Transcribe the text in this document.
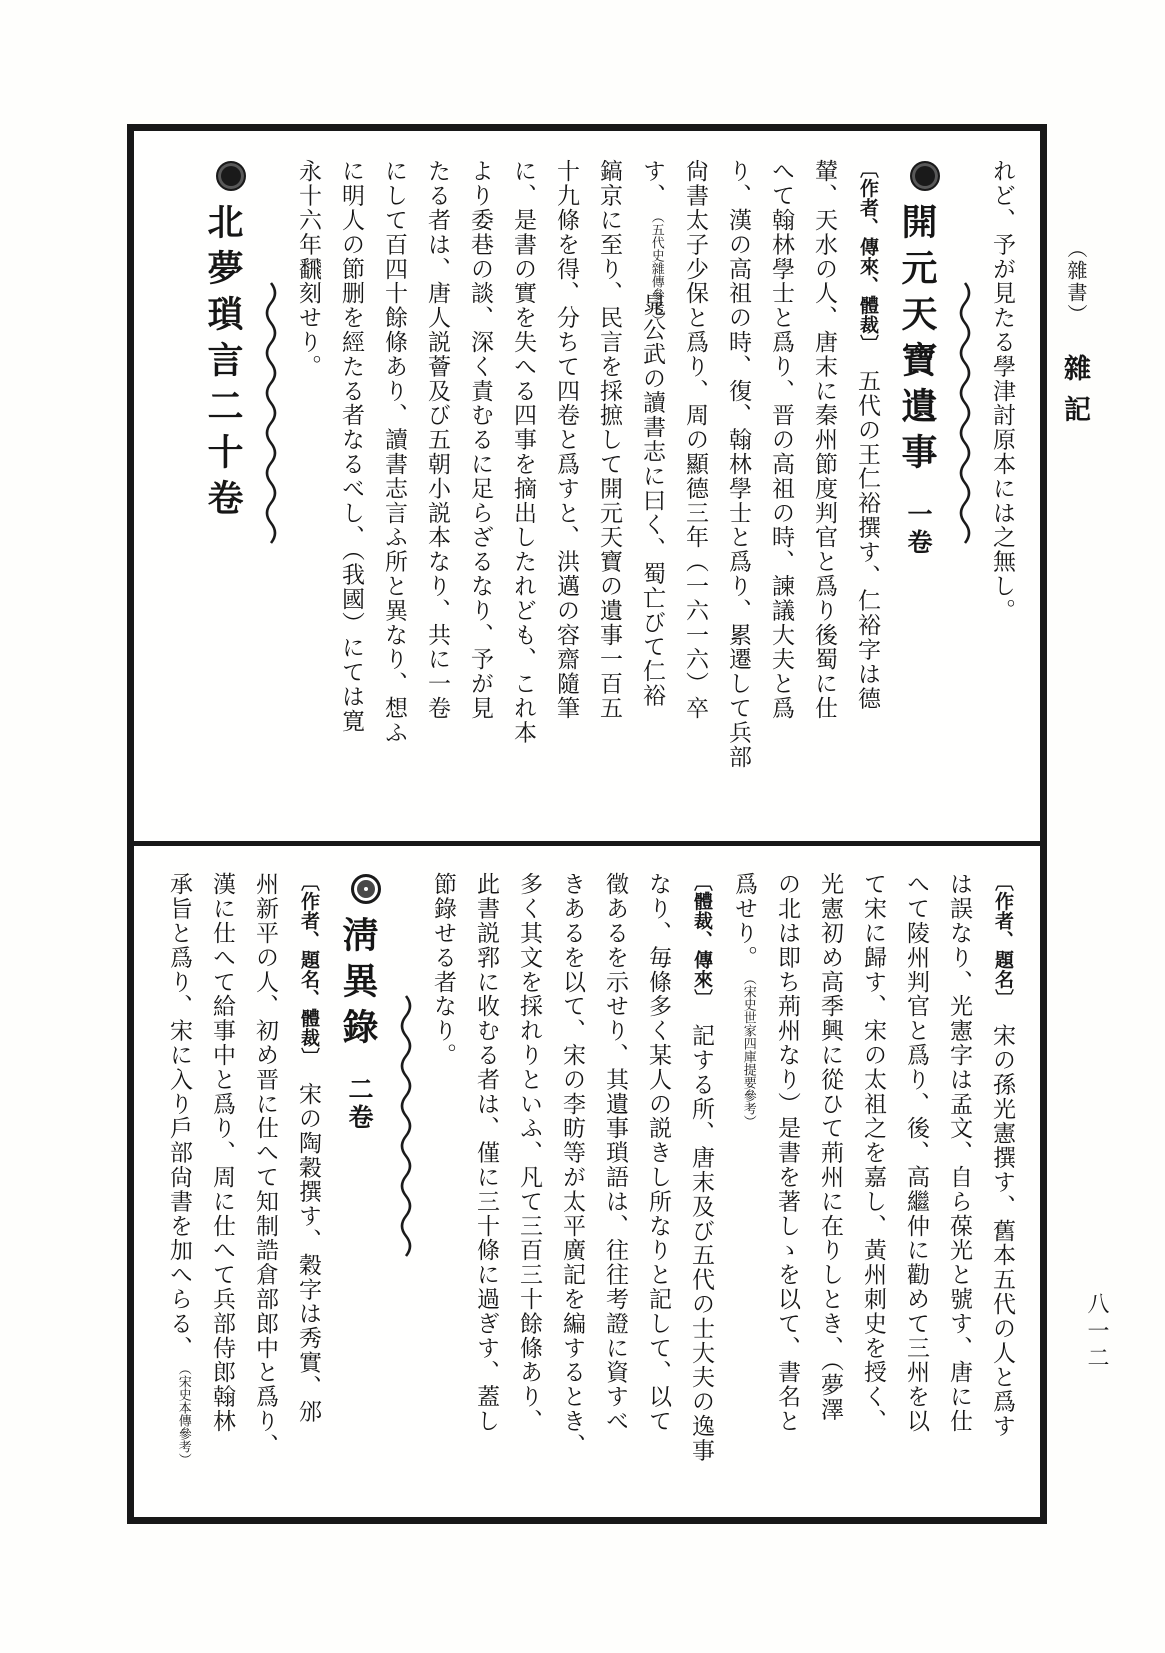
（雜書）雜記
八一二
れど、予が見たる學津討原本には之無し。
開元天寶遺事一卷
〔作者、傳來、體裁〕　五代の王仁裕撰す、仁裕字は德
輦、天水の人、唐末に秦州節度判官と爲り後蜀に仕
へて翰林學士と爲り、晋の高祖の時、諫議大夫と爲
り、漢の高祖の時、復、翰林學士と爲り、累遷して兵部
尙書太子少保と爲り、周の顯德三年（一六一六）卒
す、（五代史雜傳參考）晁公武の讀書志に曰く、蜀亡びて仁裕
鎬京に至り、民言を採摭して開元天寶の遺事一百五
十九條を得、分ちて四卷と爲すと、洪邁の容齋隨筆
に、是書の實を失へる四事を摘出したれども、これ本
より委巷の談、深く責むるに足らざるなり、予が見
たる者は、唐人説薈及び五朝小説本なり、共に一卷
にして百四十餘條あり、讀書志言ふ所と異なり、想ふ
に明人の節删を經たる者なるべし、（我國）にては寛
永十六年飜刻せり。
北夢瑣言二十卷
〔作者、題名〕　宋の孫光憲撰す、舊本五代の人と爲す
は誤なり、光憲字は孟文、自ら葆光と號す、唐に仕
へて陵州判官と爲り、後、高繼仲に勸めて三州を以
て宋に歸す、宋の太祖之を嘉し、黃州刺史を授く、
光憲初め高季興に從ひて荊州に在りしとき、（夢澤
の北は即ち荊州なり）是書を著しゝを以て、書名と
爲せり。（宋史世家四庫提要參考）
〔體裁、傳來〕　記する所、唐末及び五代の士大夫の逸事
なり、毎條多く某人の説きし所なりと記して、以て
徵あるを示せり、其遺事瑣語は、往往考證に資すべ
きあるを以て、宋の李昉等が太平廣記を編するとき、
多く其文を採れりといふ、凡て三百三十餘條あり、
此書説郛に收むる者は、僅に三十條に過ぎす、蓋し
節錄せる者なり。
淸異錄二卷
〔作者、題名、體裁〕　宋の陶穀撰す、穀字は秀實、邠
州新平の人、初め晋に仕へて知制誥倉部郎中と爲り、
漢に仕へて給事中と爲り、周に仕へて兵部侍郎翰林
承旨と爲り、宋に入り戶部尙書を加へらる、（宋史本傳參考）
